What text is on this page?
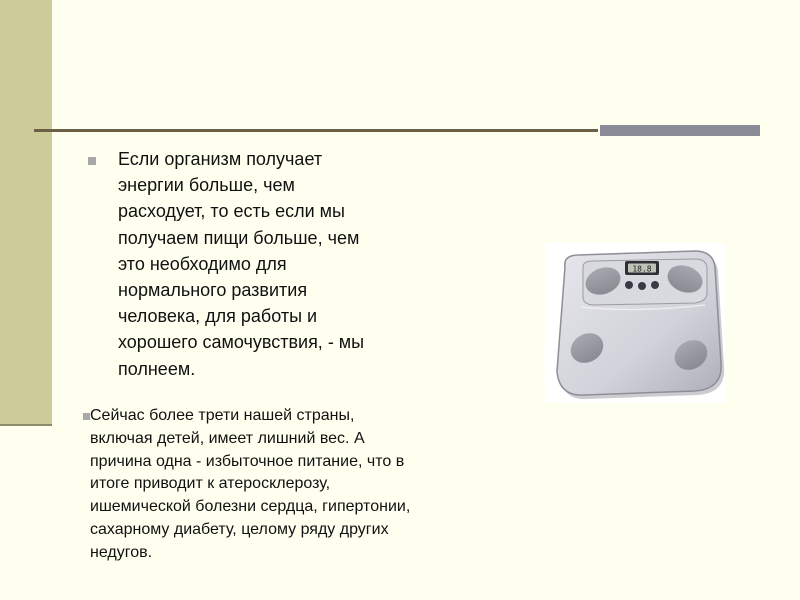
Если организм получает
энергии больше, чем
расходует, то есть если мы
получаем пищи больше, чем
это необходимо для
нормального развития
человека, для работы и
хорошего самочувствия, - мы
полнеем.

18.8

Сейчас более трети нашей страны,
включая детей, имеет лишний вес. А
причина одна - избыточное питание, что в
итоге приводит к атеросклерозу,
ишемической болезни сердца, гипертонии,
сахарному диабету, целому ряду других
недугов.
